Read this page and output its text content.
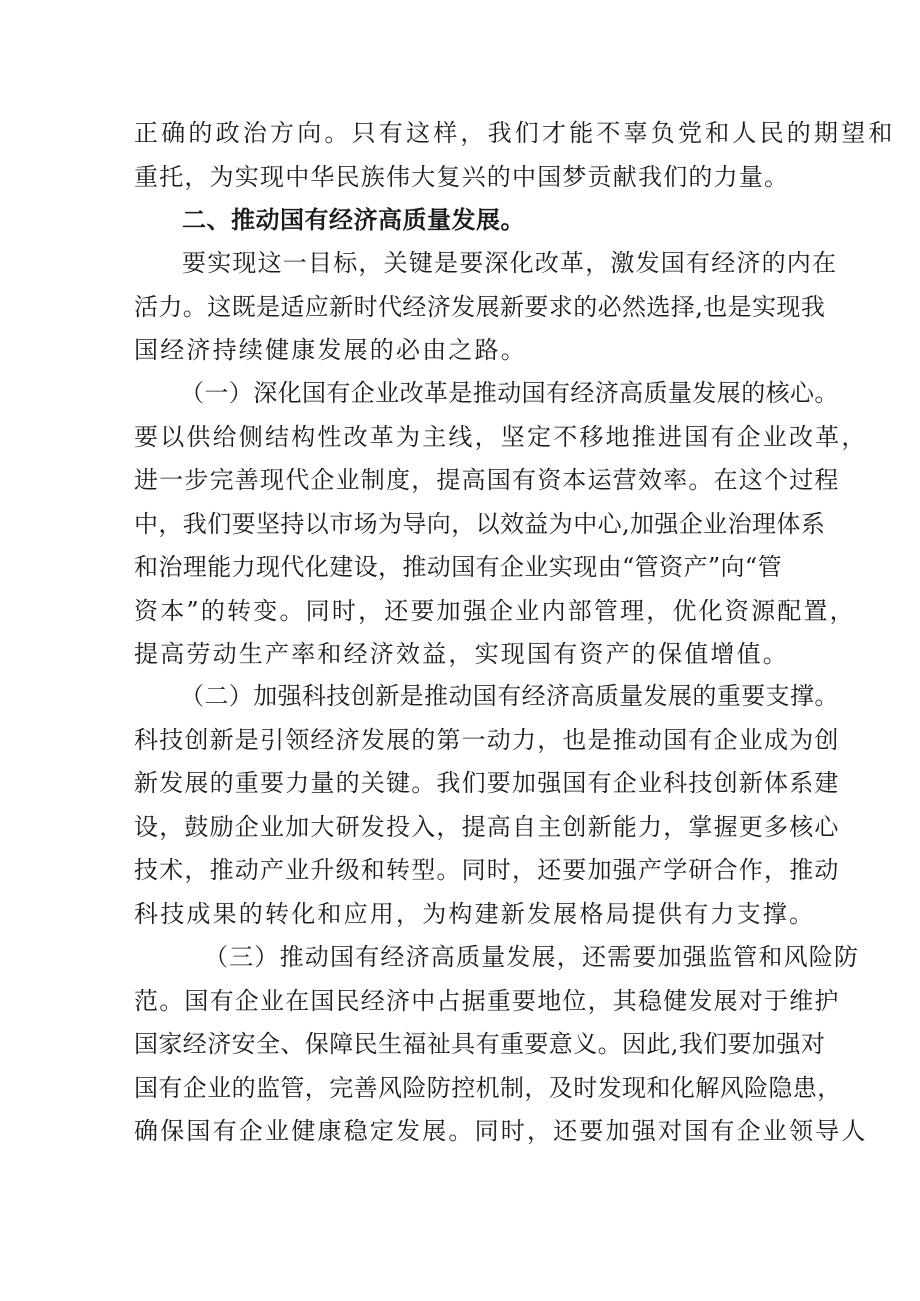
正确的政治方向。只有这样，我们才能不辜负党和人民的期望和
重托，为实现中华民族伟大复兴的中国梦贡献我们的力量。
二、推动国有经济高质量发展。
要实现这一目标，关键是要深化改革，激发国有经济的内在
活力。这既是适应新时代经济发展新要求的必然选择,也是实现我
国经济持续健康发展的必由之路。
（一）深化国有企业改革是推动国有经济高质量发展的核心。
要以供给侧结构性改革为主线，坚定不移地推进国有企业改革，
进一步完善现代企业制度，提高国有资本运营效率。在这个过程
中，我们要坚持以市场为导向，以效益为中心,加强企业治理体系
和治理能力现代化建设，推动国有企业实现由“管资产”向“管
资本”的转变。同时，还要加强企业内部管理，优化资源配置，
提高劳动生产率和经济效益，实现国有资产的保值增值。
（二）加强科技创新是推动国有经济高质量发展的重要支撑。
科技创新是引领经济发展的第一动力，也是推动国有企业成为创
新发展的重要力量的关键。我们要加强国有企业科技创新体系建
设，鼓励企业加大研发投入，提高自主创新能力，掌握更多核心
技术，推动产业升级和转型。同时，还要加强产学研合作，推动
科技成果的转化和应用，为构建新发展格局提供有力支撑。
（三）推动国有经济高质量发展，还需要加强监管和风险防
范。国有企业在国民经济中占据重要地位，其稳健发展对于维护
国家经济安全、保障民生福祉具有重要意义。因此,我们要加强对
国有企业的监管，完善风险防控机制，及时发现和化解风险隐患，
确保国有企业健康稳定发展。同时，还要加强对国有企业领导人
